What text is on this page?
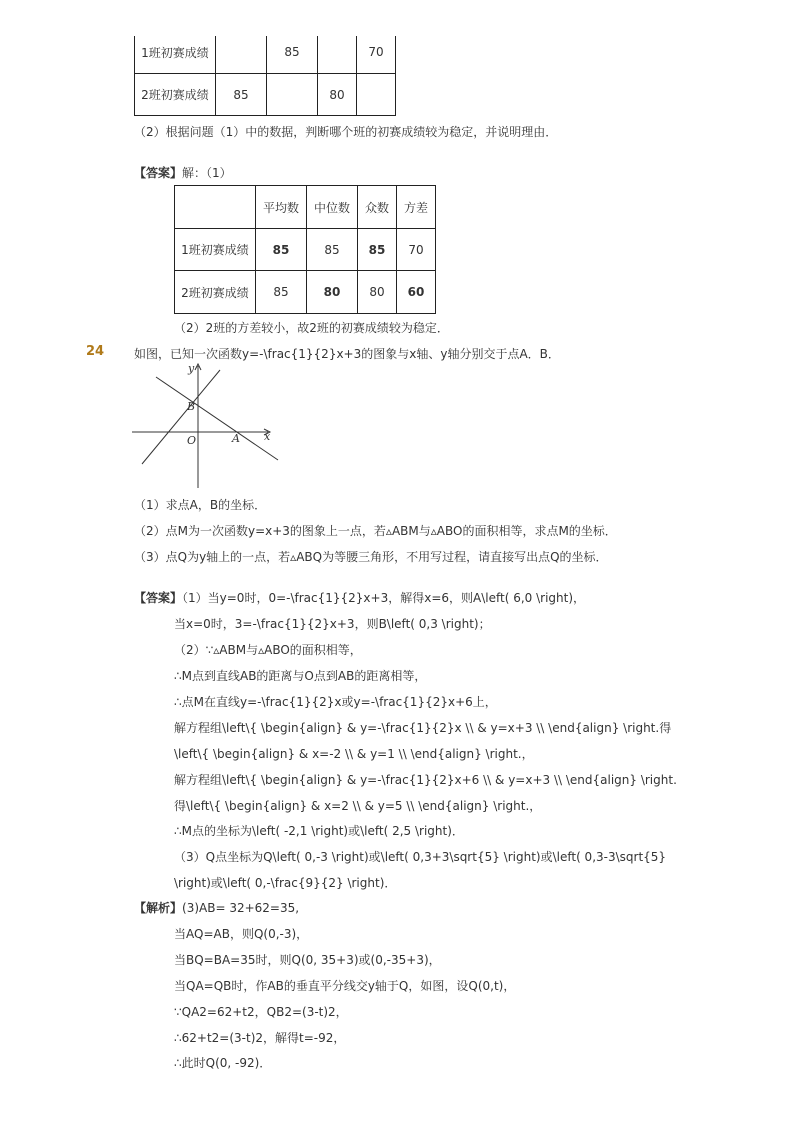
1班初赛成绩		85		70
2班初赛成绩	85		80	
（2）根据问题（1）中的数据，判断哪个班的初赛成绩较为稳定，并说明理由．
【答案】解：（1）
	平均数	中位数	众数	方差
1班初赛成绩	85	85	85	70
2班初赛成绩	85	80	80	60
（2）2班的方差较小，故2班的初赛成绩较为稳定．
24 如图，已知一次函数y=-\frac{1}{2}x+3的图象与x轴、y轴分别交于点A．B．
y
B
O	A x
（1）求点A，B的坐标．
（2）点M为一次函数y=x+3的图象上一点，若▵ABM与▵ABO的面积相等，求点M的坐标．
（3）点Q为y轴上的一点，若▵ABQ为等腰三角形，不用写过程，请直接写出点Q的坐标．
【答案】（1）当y=0时，0=-\frac{1}{2}x+3，解得x=6，则A\left( 6,0 \right)，
当x=0时，3=-\frac{1}{2}x+3，则B\left( 0,3 \right)；
（2）∵▵ABM与▵ABO的面积相等，
∴M点到直线AB的距离与O点到AB的距离相等，
∴点M在直线y=-\frac{1}{2}x或y=-\frac{1}{2}x+6上，
解方程组\left\{ \begin{align} & y=-\frac{1}{2}x \\ & y=x+3 \\ \end{align} \right.得
\left\{ \begin{align} & x=-2 \\ & y=1 \\ \end{align} \right.，
解方程组\left\{ \begin{align} & y=-\frac{1}{2}x+6 \\ & y=x+3 \\ \end{align} \right.
得\left\{ \begin{align} & x=2 \\ & y=5 \\ \end{align} \right.，
∴M点的坐标为\left( -2,1 \right)或\left( 2,5 \right)．
（3）Q点坐标为Q\left( 0,-3 \right)或\left( 0,3+3\sqrt{5} \right)或\left( 0,3-3\sqrt{5}
\right)或\left( 0,-\frac{9}{2} \right)．
【解析】(3)AB= 32+62=35,
当AQ=AB，则Q(0,-3)，
当BQ=BA=35时，则Q(0, 35+3)或(0,-35+3)，
当QA=QB时，作AB的垂直平分线交y轴于Q，如图，设Q(0,t)，
∵QA2=62+t2，QB2=(3-t)2，
∴62+t2=(3-t)2，解得t=-92，
∴此时Q(0, -92)．
